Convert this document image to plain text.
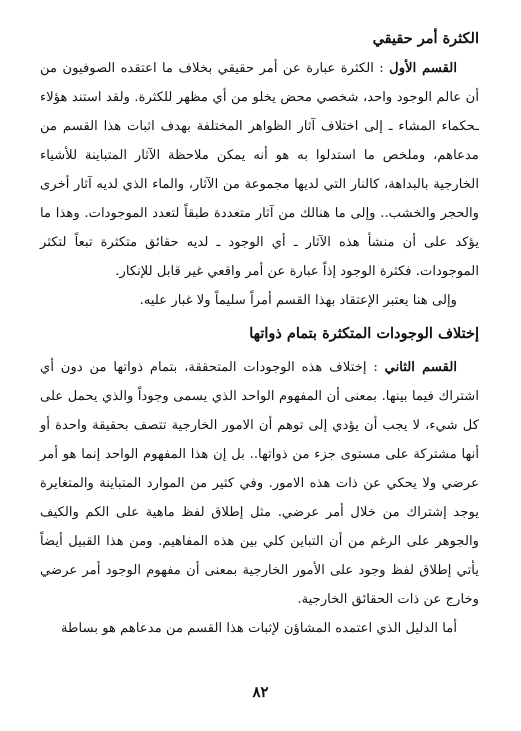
الكثرة أمر حقيقي

القسم الأول : الكثرة عبارة عن أمر حقيقي بخلاف ما اعتقده الصوفيون من أن عالم الوجود واحد، شخصي محض يخلو من أي مظهر للكثرة. ولقد استند هؤلاء ـحكماء المشاء ـ إلى اختلاف آثار الظواهر المختلفة بهدف اثبات هذا القسم من مدعاهم، وملخص ما استدلوا به هو أنه يمكن ملاحظة الآثار المتباينة للأشياء الخارجية بالبداهة، كالنار التي لديها مجموعة من الآثار، والماء الذي لديه آثار أخرى والحجر والخشب.. وإلى ما هنالك من آثار متعددة طبقاً لتعدد الموجودات. وهذا ما يؤكد على أن منشأ هذه الآثار ـ أي الوجود ـ لديه حقائق متكثرة تبعاً لتكثر الموجودات. فكثرة الوجود إذاً عبارة عن أمر واقعي غير قابل للإنكار.

وإلى هنا يعتبر الإعتقاد بهذا القسم أمراً سليماً ولا غبار عليه.

إختلاف الوجودات المتكثرة بتمام ذواتها

القسم الثاني : إختلاف هذه الوجودات المتحققة، بتمام ذواتها من دون أي اشتراك فيما بينها. بمعنى أن المفهوم الواحد الذي يسمى وجوداً والذي يحمل على كل شيء، لا يجب أن يؤدي إلى توهم أن الامور الخارجية تتصف بحقيقة واحدة أو أنها مشتركة على مستوى جزء من ذواتها.. بل إن هذا المفهوم الواحد إنما هو أمر عرضي ولا يحكي عن ذات هذه الامور. وفي كثير من الموارد المتباينة والمتغايرة يوجد إشتراك من خلال أمر عرضي. مثل إطلاق لفظ ماهية على الكم والكيف والجوهر على الرغم من أن التباين كلي بين هذه المفاهيم. ومن هذا القبيل أيضاً يأتي إطلاق لفظ وجود على الأمور الخارجية بمعنى أن مفهوم الوجود أمر عرضي وخارج عن ذات الحقائق الخارجية.

أما الدليل الذي اعتمده المشاؤن لإثبات هذا القسم من مدعاهم هو بساطة

٨٢
